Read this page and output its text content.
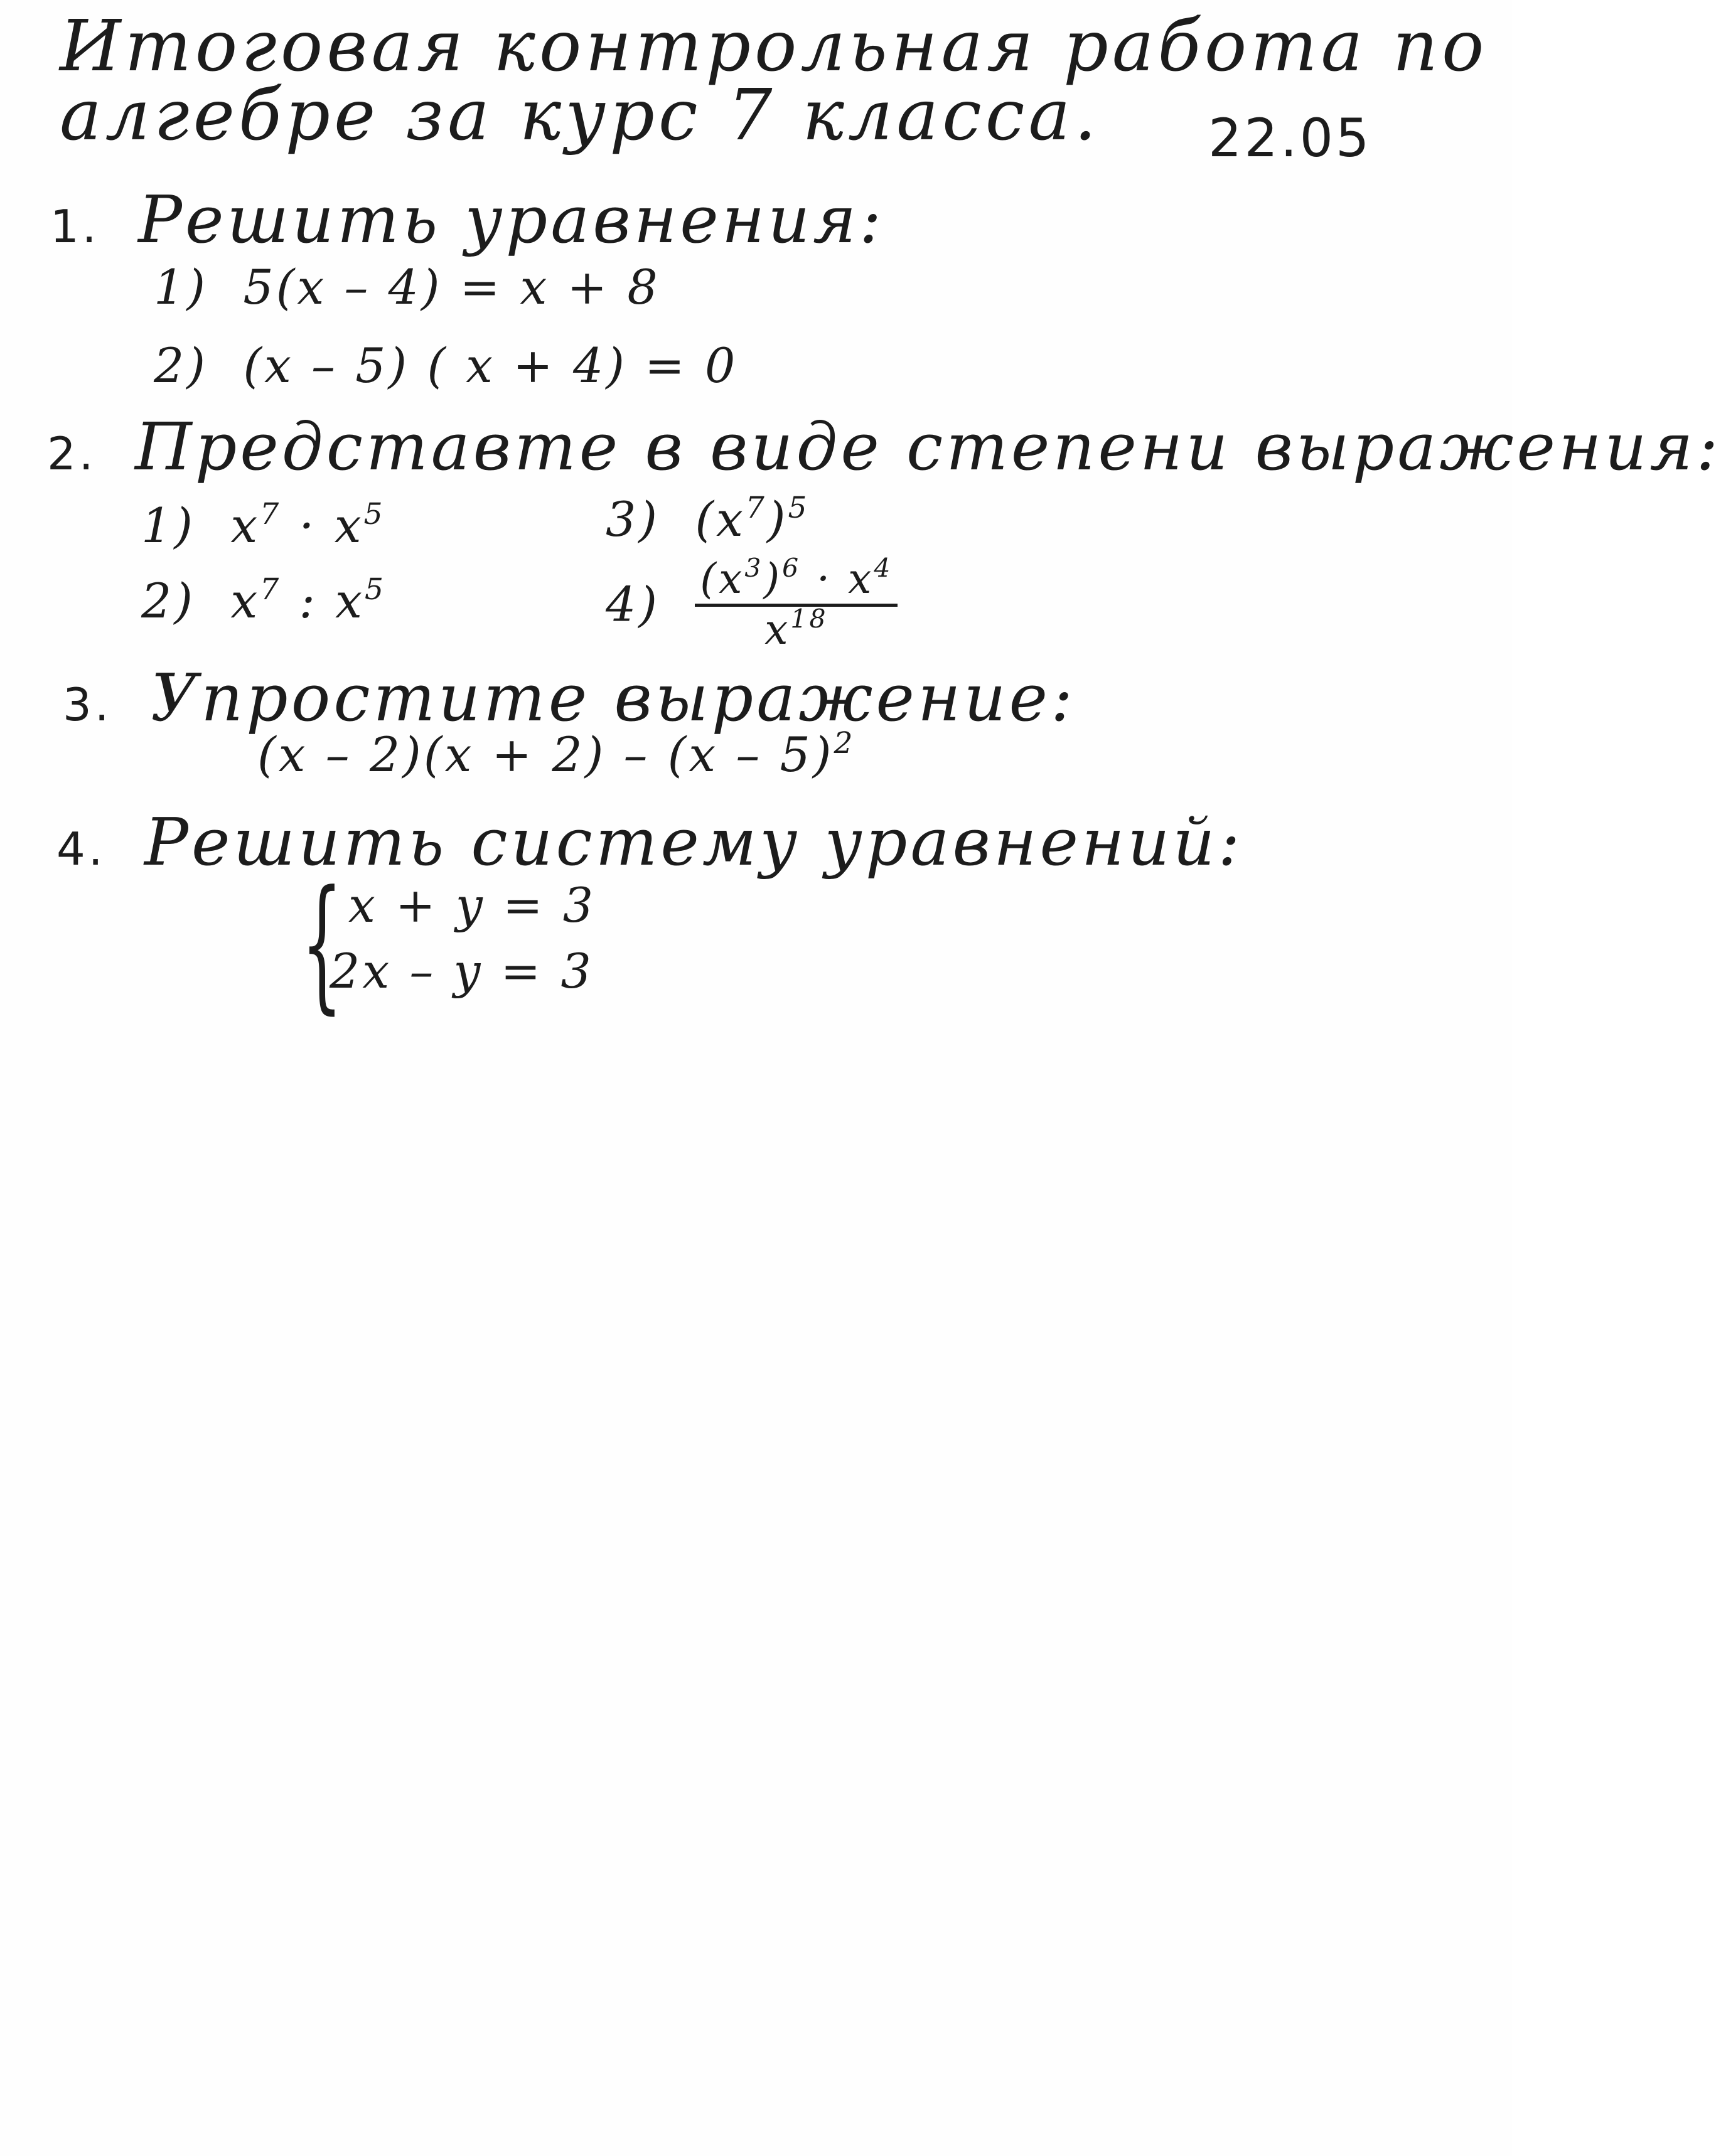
Итоговая контрольная работа по
алгебре за курс 7 класса. 22.05
1. Решить уравнения:
1) 5(x – 4) = x + 8
2) (x – 5) ( x + 4) = 0
2. Представте в виде степени выражения:
1) $x^7 \cdot x^5$
2) $x^7$ : $x^5$
3) $(x^7)^5$
$4) \frac{(x^3)^6 \cdot x^4}{x^{18}}$
3. Упростите выражение:
(x – 2)(x + 2) – (x – 5)$^2$
4. Решить систему уравнений:
{ x + y = 3
2x – y = 3
